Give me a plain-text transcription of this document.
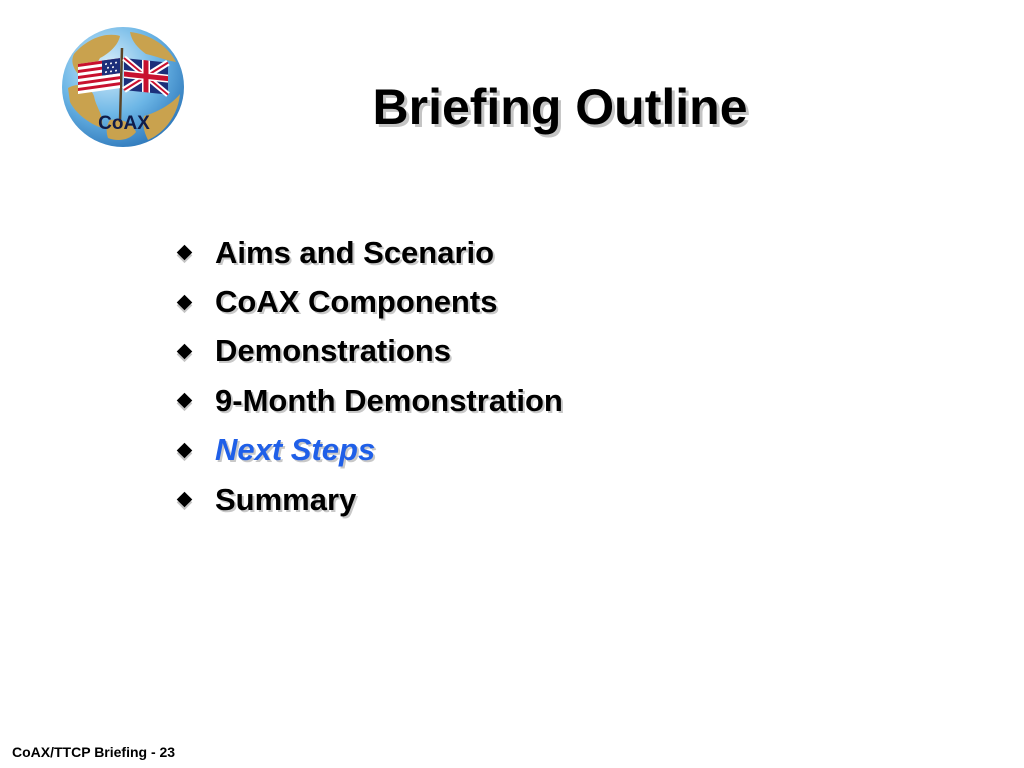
CoAX	Briefing Outline
Aims and Scenario
CoAX Components
Demonstrations
9-Month Demonstration
Next Steps
Summary
CoAX/TTCP Briefing - 23
